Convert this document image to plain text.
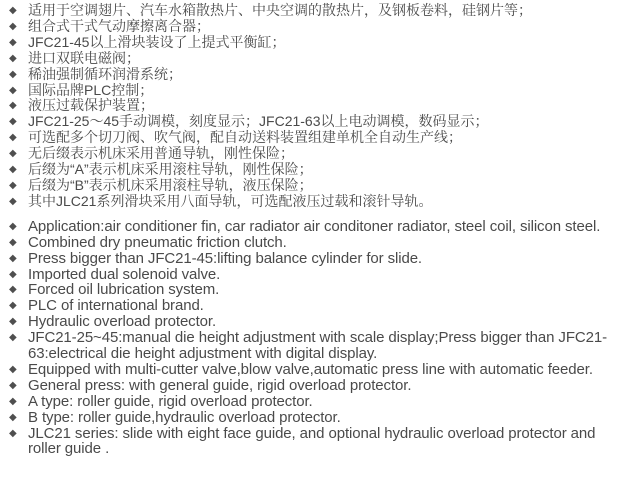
◆ 适用于空调翅片、汽车水箱散热片、中央空调的散热片，及钢板卷料，硅钢片等；
◆ 组合式干式气动摩擦离合器；
◆ JFC21-45以上滑块装设了上提式平衡缸；
◆ 进口双联电磁阀；
◆ 稀油强制循环润滑系统；
◆ 国际品牌PLC控制；
◆ 液压过载保护装置；
◆ JFC21-25～45手动调模，刻度显示；JFC21-63以上电动调模，数码显示；
◆ 可选配多个切刀阀、吹气阀，配自动送料装置组建单机全自动生产线；
◆ 无后缀表示机床采用普通导轨，刚性保险；
◆ 后缀为“A”表示机床采用滚柱导轨，刚性保险；
◆ 后缀为“B”表示机床采用滚柱导轨，液压保险；
◆ 其中JLC21系列滑块采用八面导轨，可选配液压过载和滚针导轨。
◆ Application:air conditioner fin, car radiator air conditoner radiator, steel coil, silicon steel.
◆ Combined dry pneumatic friction clutch.
◆ Press bigger than JFC21-45:lifting balance cylinder for slide.
◆ Imported dual solenoid valve.
◆ Forced oil lubrication system.
◆ PLC of international brand.
◆ Hydraulic overload protector.
◆ JFC21-25~45:manual die height adjustment with scale display;Press bigger than JFC21-63:electrical die height adjustment with digital display.
◆ Equipped with multi-cutter valve,blow valve,automatic press line with automatic feeder.
◆ General press: with general guide, rigid overload protector.
◆ A type: roller guide, rigid overload protector.
◆ B type: roller guide,hydraulic overload protector.
◆ JLC21 series: slide with eight face guide, and optional hydraulic overload protector and roller guide .
